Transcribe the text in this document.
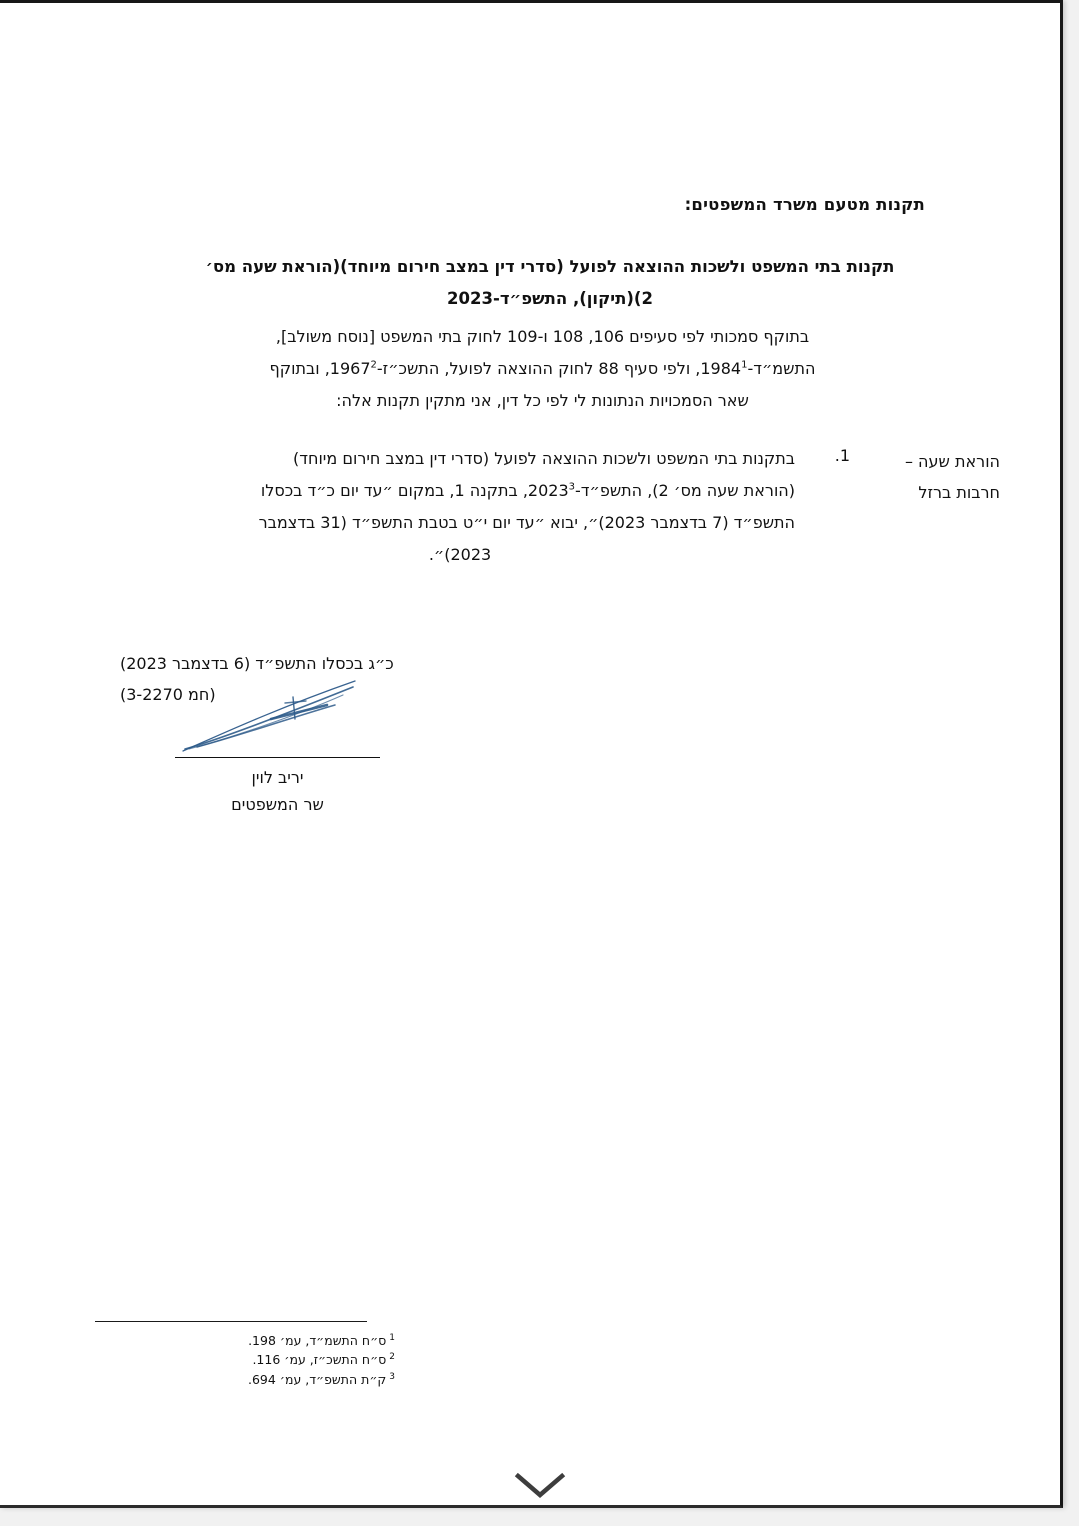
תקנות מטעם משרד המשפטים:
תקנות בתי המשפט ולשכות ההוצאה לפועל (סדרי דין במצב חירום מיוחד)(הוראת שעה מס׳
2)(תיקון), התשפ״ד-2023
בתוקף סמכותי לפי סעיפים 106, 108 ו-109 לחוק בתי המשפט [נוסח משולב],
התשמ״ד-1984$^1$, ולפי סעיף 88 לחוק ההוצאה לפועל, התשכ״ז-1967$^2$, ובתוקף
שאר הסמכויות הנתונות לי לפי כל דין, אני מתקין תקנות אלה:
הוראת שעה –
חרבות ברזל
.1
בתקנות בתי המשפט ולשכות ההוצאה לפועל (סדרי דין במצב חירום מיוחד)
(הוראת שעה מס׳ 2), התשפ״ד-2023$^3$, בתקנה 1, במקום ״עד יום כ״ד בכסלו
התשפ״ד (7 בדצמבר 2023)״, יבוא ״עד יום י״ט בטבת התשפ״ד (31 בדצמבר
2023)״.
כ״ג בכסלו התשפ״ד (6 בדצמבר 2023)
(חמ 3-2270)
יריב לוין
שר המשפטים
$^1$ס״ח התשמ״ד, עמ׳ 198.
$^2$ס״ח התשכ״ז, עמ׳ 116.
$^3$ק״ת התשפ״ד, עמ׳ 694.
